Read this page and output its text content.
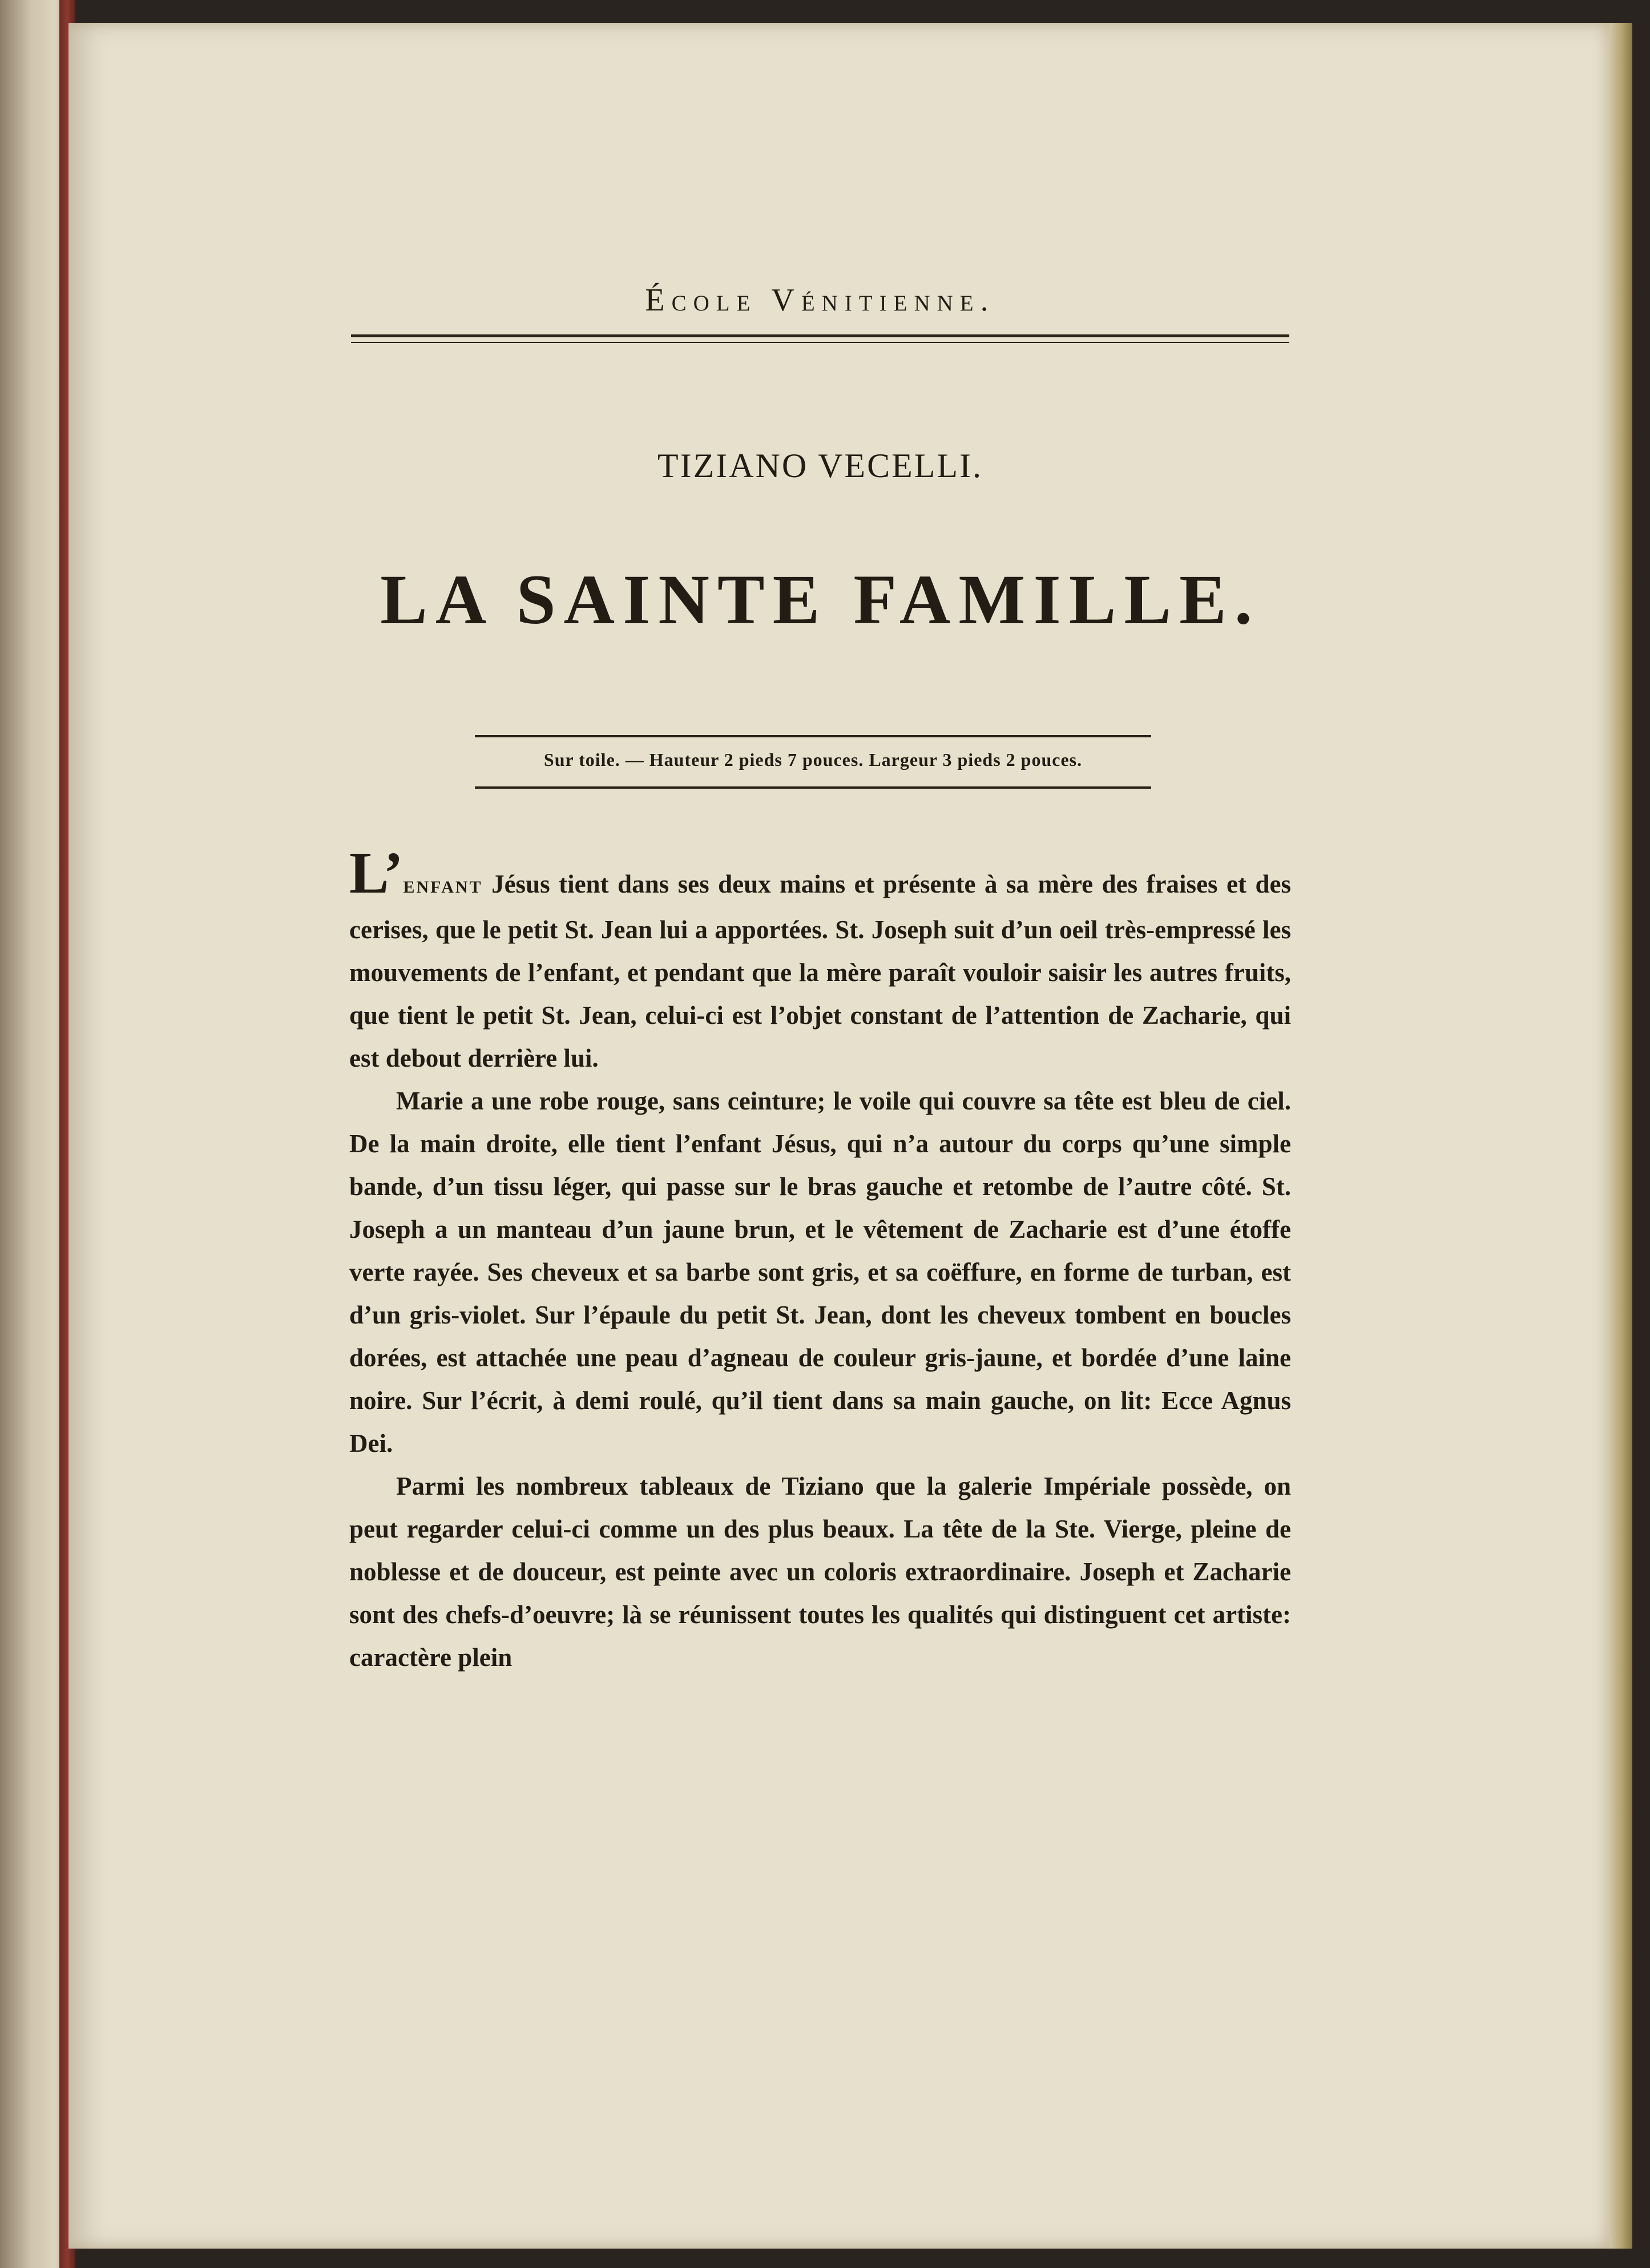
École Vénitienne.
TIZIANO VECELLI.
LA SAINTE FAMILLE.
Sur toile. — Hauteur 2 pieds 7 pouces. Largeur 3 pieds 2 pouces.

L’ENFANT Jésus tient dans ses deux mains et présente à sa mère des fraises et des cerises, que le petit St. Jean lui a apportées. St. Joseph suit d’un oeil très-empressé les mouvements de l’enfant, et pendant que la mère paraît vouloir saisir les autres fruits, que tient le petit St. Jean, celui-ci est l’objet constant de l’attention de Zacharie, qui est debout derrière lui.

Marie a une robe rouge, sans ceinture; le voile qui couvre sa tête est bleu de ciel. De la main droite, elle tient l’enfant Jésus, qui n’a autour du corps qu’une simple bande, d’un tissu léger, qui passe sur le bras gauche et retombe de l’autre côté. St. Joseph a un manteau d’un jaune brun, et le vêtement de Zacharie est d’une étoffe verte rayée. Ses cheveux et sa barbe sont gris, et sa coëffure, en forme de turban, est d’un gris-violet. Sur l’épaule du petit St. Jean, dont les cheveux tombent en boucles dorées, est attachée une peau d’agneau de couleur gris-jaune, et bordée d’une laine noire. Sur l’écrit, à demi roulé, qu’il tient dans sa main gauche, on lit: Ecce Agnus Dei.

Parmi les nombreux tableaux de Tiziano que la galerie Impériale possède, on peut regarder celui-ci comme un des plus beaux. La tête de la Ste. Vierge, pleine de noblesse et de douceur, est peinte avec un coloris extraordinaire. Joseph et Zacharie sont des chefs-d’oeuvre; là se réunissent toutes les qualités qui distinguent cet artiste: caractère plein
